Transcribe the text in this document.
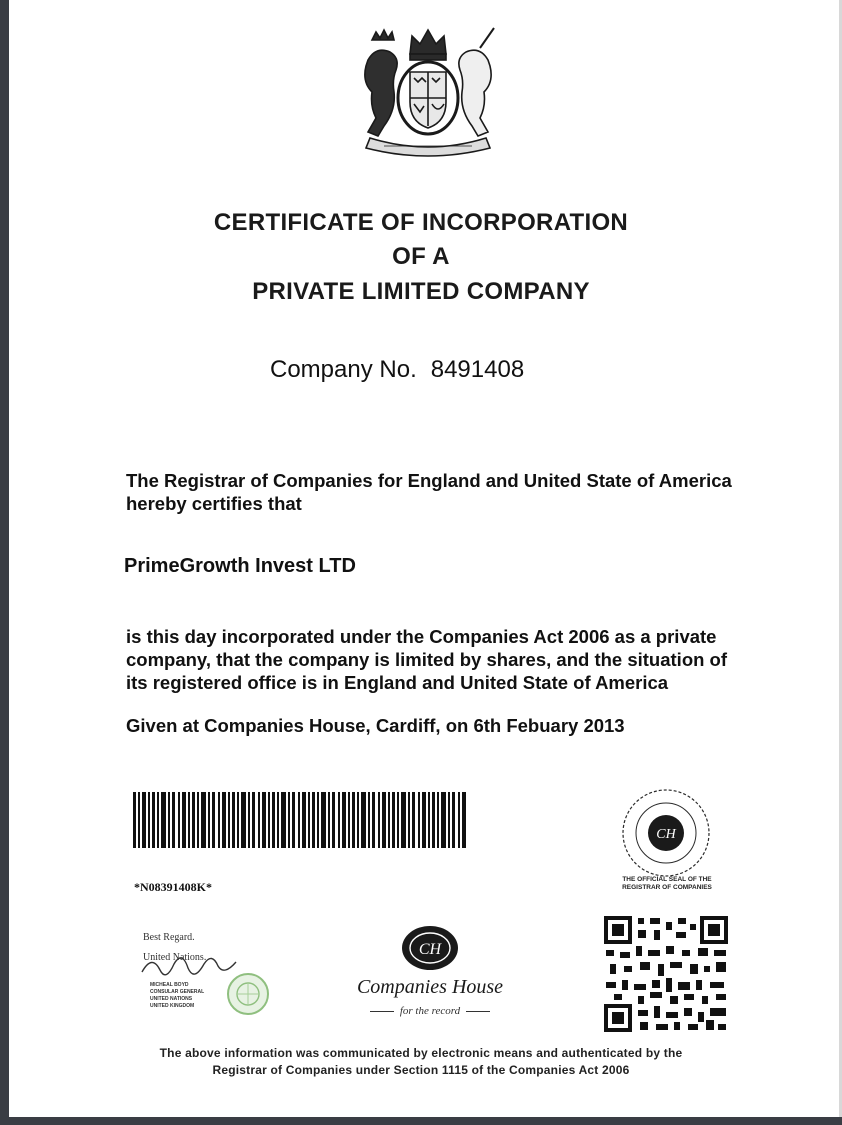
CERTIFICATE OF INCORPORATION
OF A
PRIVATE LIMITED COMPANY
Company No. 8491408
The Registrar of Companies for England and United State of America
hereby certifies that
PrimeGrowth Invest LTD
is this day incorporated under the Companies Act 2006 as a private
company, that the company is limited by shares, and the situation of
its registered office is in England and United State of America
Given at Companies House, Cardiff, on 6th Febuary 2013
*N08391408K*
CH
THE OFFICIAL SEAL OF THE
REGISTRAR OF COMPANIES
Best Regard.
United Nations.
MICHEAL BOYD
CONSULAR GENERAL
UNITED NATIONS
UNITED KINGDOM
CH
Companies House
for the record
The above information was communicated by electronic means and authenticated by the
Registrar of Companies under Section 1115 of the Companies Act 2006
